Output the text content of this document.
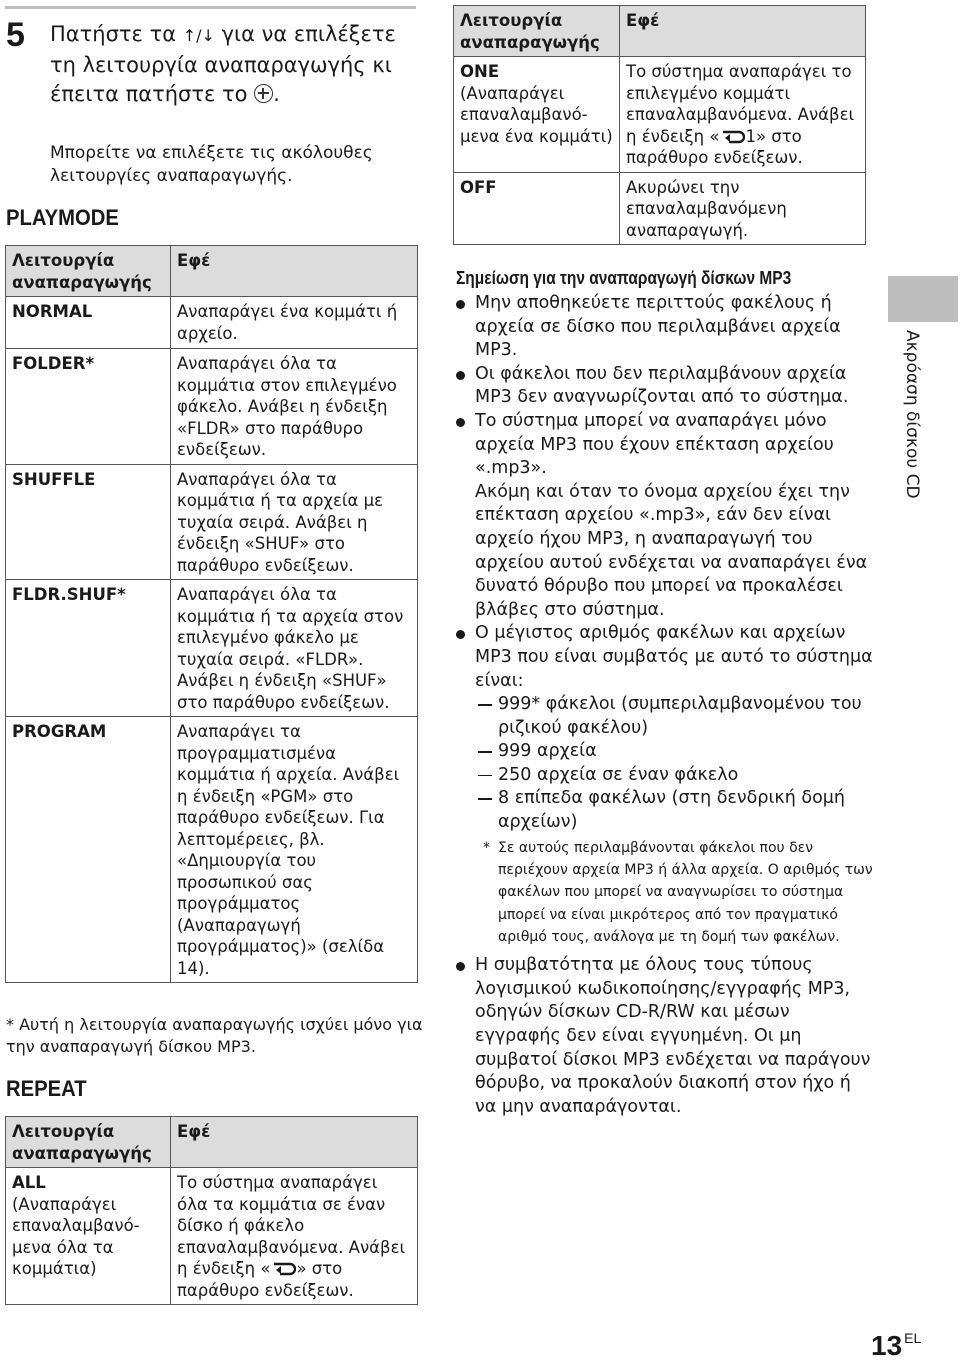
5 Πατήστε τα ↑/↓ για να επιλέξετε τη λειτουργία αναπαραγωγής κι έπειτα πατήστε το .
Μπορείτε να επιλέξετε τις ακόλουθες λειτουργίες αναπαραγωγής.
PLAYMODE
Λειτουργία αναπαραγωγής	Εφέ
NORMAL	Αναπαράγει ένα κομμάτι ή αρχείο.
FOLDER*	Αναπαράγει όλα τα κομμάτια στον επιλεγμένο φάκελο. Ανάβει η ένδειξη «FLDR» στο παράθυρο ενδείξεων.
SHUFFLE	Αναπαράγει όλα τα κομμάτια ή τα αρχεία με τυχαία σειρά. Ανάβει η ένδειξη «SHUF» στο παράθυρο ενδείξεων.
FLDR.SHUF*	Αναπαράγει όλα τα κομμάτια ή τα αρχεία στον επιλεγμένο φάκελο με τυχαία σειρά. «FLDR». Ανάβει η ένδειξη «SHUF» στο παράθυρο ενδείξεων.
PROGRAM	Αναπαράγει τα προγραμματισμένα κομμάτια ή αρχεία. Ανάβει η ένδειξη «PGM» στο παράθυρο ενδείξεων. Για λεπτομέρειες, βλ. «Δημιουργία του προσωπικού σας προγράμματος (Αναπαραγωγή προγράμματος)» (σελίδα 14).
* Αυτή η λειτουργία αναπαραγωγής ισχύει μόνο για την αναπαραγωγή δίσκου MP3.
REPEAT
Λειτουργία αναπαραγωγής	Εφέ
ALL
(Αναπαράγει επαναλαμβανό-μενα όλα τα κομμάτια)	Το σύστημα αναπαράγει όλα τα κομμάτια σε έναν δίσκο ή φάκελο επαναλαμβανόμενα. Ανάβει η ένδειξη « » στο παράθυρο ενδείξεων.
Λειτουργία αναπαραγωγής	Εφέ
ONE
(Αναπαράγει επαναλαμβανό-μενα ένα κομμάτι)	Το σύστημα αναπαράγει το επιλεγμένο κομμάτι επαναλαμβανόμενα. Ανάβει η ένδειξη « 1» στο παράθυρο ενδείξεων.
OFF	Ακυρώνει την επαναλαμβανόμενη αναπαραγωγή.
Σημείωση για την αναπαραγωγή δίσκων MP3
Μην αποθηκεύετε περιττούς φακέλους ή αρχεία σε δίσκο που περιλαμβάνει αρχεία MP3.
Οι φάκελοι που δεν περιλαμβάνουν αρχεία MP3 δεν αναγνωρίζονται από το σύστημα.
Το σύστημα μπορεί να αναπαράγει μόνο αρχεία MP3 που έχουν επέκταση αρχείου «.mp3».
Ακόμη και όταν το όνομα αρχείου έχει την επέκταση αρχείου «.mp3», εάν δεν είναι αρχείο ήχου MP3, η αναπαραγωγή του αρχείου αυτού ενδέχεται να αναπαράγει ένα δυνατό θόρυβο που μπορεί να προκαλέσει βλάβες στο σύστημα.
Ο μέγιστος αριθμός φακέλων και αρχείων MP3 που είναι συμβατός με αυτό το σύστημα είναι:
999* φάκελοι (συμπεριλαμβανομένου του ριζικού φακέλου)
999 αρχεία
250 αρχεία σε έναν φάκελο
8 επίπεδα φακέλων (στη δενδρική δομή αρχείων)
* Σε αυτούς περιλαμβάνονται φάκελοι που δεν περιέχουν αρχεία MP3 ή άλλα αρχεία. Ο αριθμός των φακέλων που μπορεί να αναγνωρίσει το σύστημα μπορεί να είναι μικρότερος από τον πραγματικό αριθμό τους, ανάλογα με τη δομή των φακέλων.
Η συμβατότητα με όλους τους τύπους λογισμικού κωδικοποίησης/εγγραφής MP3, οδηγών δίσκων CD-R/RW και μέσων εγγραφής δεν είναι εγγυημένη. Οι μη συμβατοί δίσκοι MP3 ενδέχεται να παράγουν θόρυβο, να προκαλούν διακοπή στον ήχο ή να μην αναπαράγονται.
Ακρόαση δίσκου CD
13 $^{EL}$
